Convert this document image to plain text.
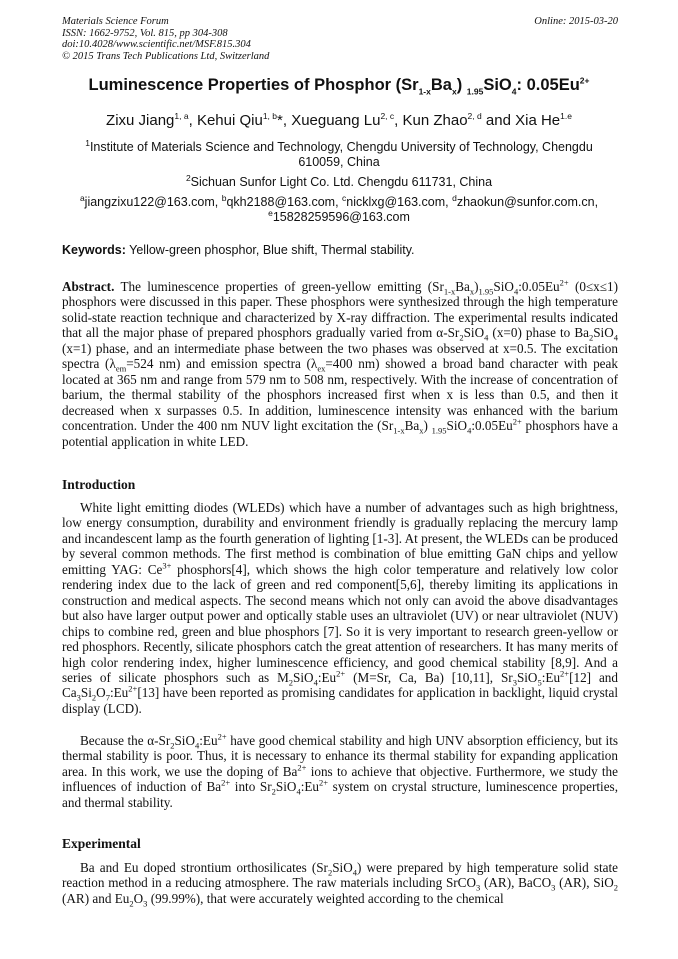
Materials Science Forum
ISSN: 1662-9752, Vol. 815, pp 304-308
doi:10.4028/www.scientific.net/MSF.815.304
© 2015 Trans Tech Publications Ltd, Switzerland
Online: 2015-03-20
Luminescence Properties of Phosphor $(Sr_{1-x}Ba_x)$ $_{1.95}$SiO$_4$: $0.05Eu^{2+}$
Zixu Jiang$^{1, a}$, Kehui Qiu$^{1, b}$*, Xueguang Lu$^{2, c}$, Kun Zhao$^{2, d}$ and Xia $He^{1.e}$
$^1$Institute of Materials Science and Technology, Chengdu University of Technology, Chengdu
610059, China
$^2$Sichuan Sunfor Light Co. Ltd. Chengdu 611731, China
$^a$jiangzixu122@163.com, $^b$qkh2188@163.com, $^c$nicklxg@163.com, $^d$zhaokun@sunfor.com.cn,
$^e$15828259596@163.com
Keywords: Yellow-green phosphor, Blue shift, Thermal stability.
Abstract. The luminescence properties of green-yellow emitting $(Sr_{1-x}Ba_x)_{1.95}SiO_4:0.05Eu^{2+}$ (0≤x≤1) phosphors were discussed in this paper. These phosphors were synthesized through the high temperature solid-state reaction technique and characterized by X-ray diffraction. The experimental results indicated that all the major phase of prepared phosphors gradually varied from $\alpha-Sr_2SiO_4$ (x=0) phase to $Ba_2SiO_4$ (x=1) phase, and an intermediate phase between the two phases was observed at x=0.5. The excitation spectra ($\lambda_{em}=524$ nm) and emission spectra ($\lambda_{ex}=400$ nm) showed a broad band character with peak located at 365 nm and range from 579 nm to 508 nm, respectively. With the increase of concentration of barium, the thermal stability of the phosphors increased first when x is less than 0.5, and then it decreased when x surpasses 0.5. In addition, luminescence intensity was enhanced with the barium concentration. Under the 400 nm NUV light excitation the $(Sr_{1-x}Ba_x)$ $_{1.95}SiO_4:0.05Eu^{2+}$ phosphors have a potential application in white LED.
Introduction
White light emitting diodes (WLEDs) which have a number of advantages such as high brightness, low energy consumption, durability and environment friendly is gradually replacing the mercury lamp and incandescent lamp as the fourth generation of lighting [1-3]. At present, the WLEDs can be produced by several common methods. The first method is combination of blue emitting GaN chips and yellow emitting YAG: $Ce^{3+}$ phosphors[4], which shows the high color temperature and relatively low color rendering index due to the lack of green and red component[5,6], thereby limiting its applications in construction and medical aspects. The second means which not only can avoid the above disadvantages but also have larger output power and optically stable uses an ultraviolet (UV) or near ultraviolet (NUV) chips to combine red, green and blue phosphors [7]. So it is very important to research green-yellow or red phosphors. Recently, silicate phosphors catch the great attention of researchers. It has many merits of high color rendering index, higher luminescence efficiency, and good chemical stability [8,9]. And a series of silicate phosphors such as $M_2SiO_4:Eu^{2+}$ (M=Sr, Ca, Ba) [10,11], $Sr_3SiO_5:Eu^{2+}[12]$ and $Ca_3Si_2O_7:Eu^{2+}[13]$ have been reported as promising candidates for application in backlight, liquid crystal display (LCD).
Because the $\alpha-Sr_2SiO_4:Eu^{2+}$ have good chemical stability and high UNV absorption efficiency, but its thermal stability is poor. Thus, it is necessary to enhance its thermal stability for expanding application area. In this work, we use the doping of $Ba^{2+}$ ions to achieve that objective. Furthermore, we study the influences of induction of $Ba^{2+}$ into $Sr_2SiO_4:Eu^{2+}$ system on crystal structure, luminescence properties, and thermal stability.
Experimental
Ba and Eu doped strontium orthosilicates $(Sr_2SiO_4)$ were prepared by high temperature solid state reaction method in a reducing atmosphere. The raw materials including SrCO$_3$ (AR), BaCO$_3$ (AR), SiO$_2$ (AR) and $Eu_2O_3$ (99.99%), that were accurately weighted according to the chemical
